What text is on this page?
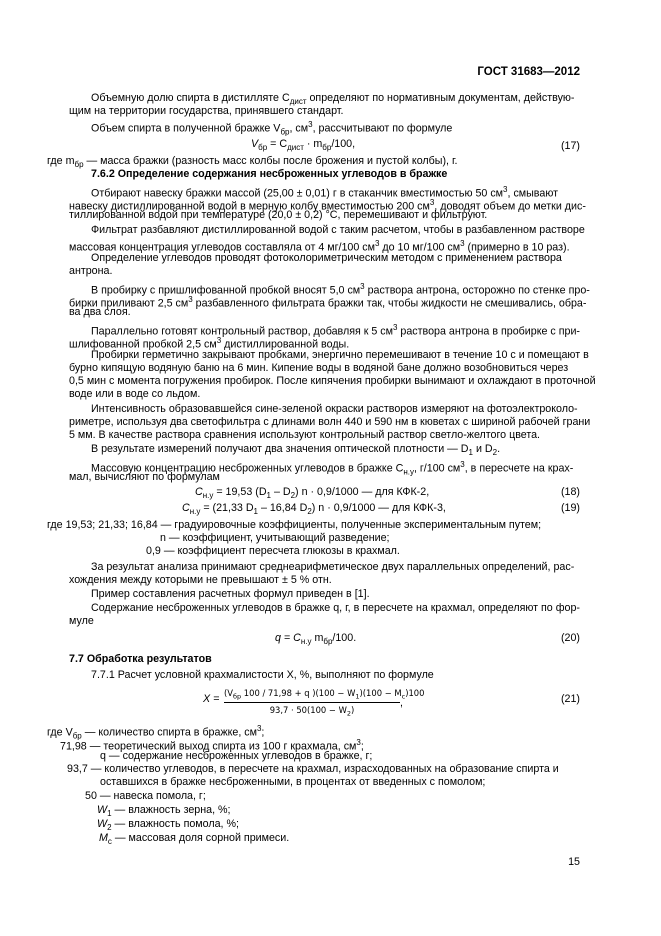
ГОСТ 31683—2012
Объемную долю спирта в дистилляте $C_{дист}$ определяют по нормативным документам, действую-
щим на территории государства, принявшего стандарт.
Объем спирта в полученной бражке $V_{бр}$, $см^3$, рассчитывают по формуле
$V_{бр} = C_{дист} \cdot m_{бр}/100$,	(17)
где $m_{бр}$ — масса бражки (разность масс колбы после брожения и пустой колбы), г.
7.6.2 Определение содержания несброженных углеводов в бражке
Отбирают навеску бражки массой (25,00 ± 0,01) г в стаканчик вместимостью 50 $см^3$, смывают
навеску дистиллированной водой в мерную колбу вместимостью 200 $см^3$, доводят объем до метки дис-
тиллированной водой при температуре (20,0 ± 0,2) °С, перемешивают и фильтруют.
Фильтрат разбавляют дистиллированной водой с таким расчетом, чтобы в разбавленном растворе
массовая концентрация углеводов составляла от 4 мг/100 $см^3$ до 10 мг/100 $см^3$ (примерно в 10 раз).
Определение углеводов проводят фотоколориметрическим методом с применением раствора
антрона.
В пробирку с пришлифованной пробкой вносят 5,0 $см^3$ раствора антрона, осторожно по стенке про-
бирки приливают 2,5 $см^3$ разбавленного фильтрата бражки так, чтобы жидкости не смешивались, обра-
ва два слоя.
Параллельно готовят контрольный раствор, добавляя к 5 $см^3$ раствора антрона в пробирке с при-
шлифованной пробкой 2,5 $см^3$ дистиллированной воды.
Пробирки герметично закрывают пробками, энергично перемешивают в течение 10 с и помещают в
бурно кипящую водяную баню на 6 мин. Кипение воды в водяной бане должно возобновиться через
0,5 мин с момента погружения пробирок. После кипячения пробирки вынимают и охлаждают в проточной
воде или в воде со льдом.
Интенсивность образовавшейся сине-зеленой окраски растворов измеряют на фотоэлектроколо-
риметре, используя два светофильтра с длинами волн 440 и 590 нм в кюветах с шириной рабочей грани
5 мм. В качестве раствора сравнения используют контрольный раствор светло-желтого цвета.
В результате измерений получают два значения оптической плотности — $D_1$ и $D_2$.
Массовую концентрацию несброженных углеводов в бражке $C_{н.у}$, г/100 $см^3$, в пересчете на крах-
мал, вычисляют по формулам
$C_{н.у} = 19,53$ $(D_1 - D_2) n \cdot 0,9/1000$ — для КФК-2,	(18)
$C_{н.у} = (21,33$ $D_1 - 16,84$ $D_2$) n · 0,9/1000 — для КФК-3,	(19)
где 19,53; 21,33; 16,84 — градуировочные коэффициенты, полученные экспериментальным путем;
n — коэффициент, учитывающий разведение;
0,9 — коэффициент пересчета глюкозы в крахмал.
За результат анализа принимают среднеарифметическое двух параллельных определений, рас-
хождения между которыми не превышают ± 5 % отн.
Пример составления расчетных формул приведен в [1].
Содержание несброженных углеводов в бражке q, г, в пересчете на крахмал, определяют по фор-
муле
$q = C_{н.у}$ $m_{бр}/100$.	(20)
7.7 Обработка результатов
7.7.1 Расчет условной крахмалистости X, %, выполняют по формуле
$X = (V_{бр}$ 100 / 71,98 + q )$(100 - W_1)(100 - M_c)100$
$93,7 \cdot 50(100 - W_2)$
,	(21)
где $V_{бр}$ — количество спирта в бражке, $см^3$;
71,98 — теоретический выход спирта из 100 г крахмала, $см^3$;
q — содержание несброженных углеводов в бражке, г;
93,7 — количество углеводов, в пересчете на крахмал, израсходованных на образование спирта и
оставшихся в бражке несброженными, в процентах от введенных с помолом;
50 — навеска помола, г;
$W_1$ — влажность зерна, %;
$W_2$ — влажность помола, %;
$M_c$ — массовая доля сорной примеси.
15
